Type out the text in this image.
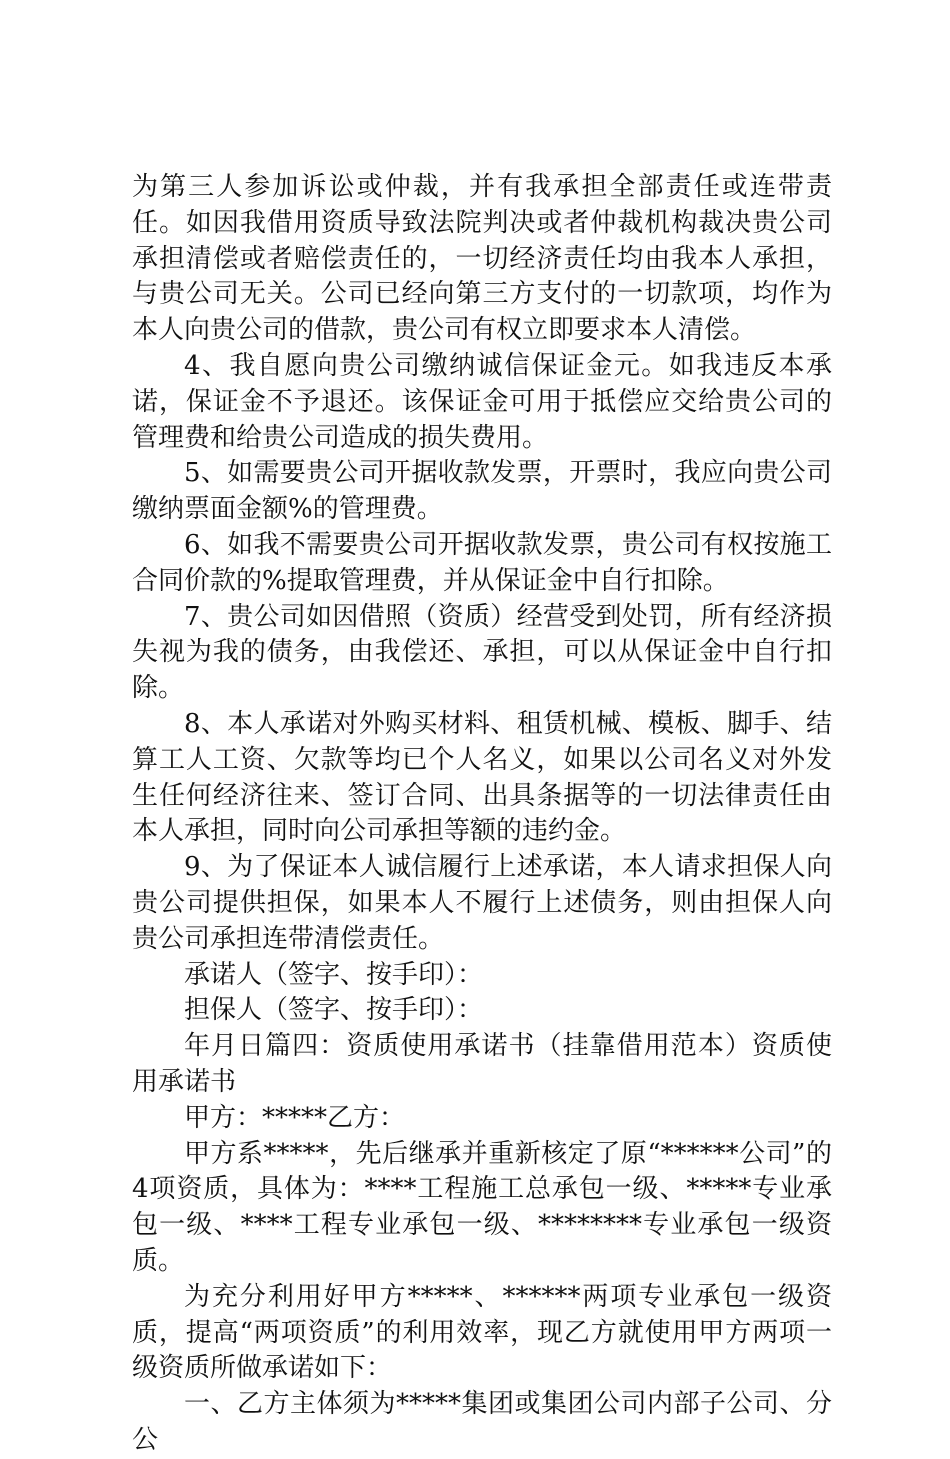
为第三人参加诉讼或仲裁，并有我承担全部责任或连带责任。如因我借用资质导致法院判决或者仲裁机构裁决贵公司承担清偿或者赔偿责任的，一切经济责任均由我本人承担，与贵公司无关。公司已经向第三方支付的一切款项，均作为本人向贵公司的借款，贵公司有权立即要求本人清偿。

4、我自愿向贵公司缴纳诚信保证金元。如我违反本承诺，保证金不予退还。该保证金可用于抵偿应交给贵公司的管理费和给贵公司造成的损失费用。

5、如需要贵公司开据收款发票，开票时，我应向贵公司缴纳票面金额%的管理费。

6、如我不需要贵公司开据收款发票，贵公司有权按施工合同价款的%提取管理费，并从保证金中自行扣除。

7、贵公司如因借照（资质）经营受到处罚，所有经济损失视为我的债务，由我偿还、承担，可以从保证金中自行扣除。

8、本人承诺对外购买材料、租赁机械、模板、脚手、结算工人工资、欠款等均已个人名义，如果以公司名义对外发生任何经济往来、签订合同、出具条据等的一切法律责任由本人承担，同时向公司承担等额的违约金。

9、为了保证本人诚信履行上述承诺，本人请求担保人向贵公司提供担保，如果本人不履行上述债务，则由担保人向贵公司承担连带清偿责任。

承诺人（签字、按手印）：

担保人（签字、按手印）：

年月日篇四：资质使用承诺书（挂靠借用范本）资质使用承诺书

甲方：*****乙方：

甲方系*****，先后继承并重新核定了原“******公司”的4项资质，具体为：****工程施工总承包一级、*****专业承包一级、****工程专业承包一级、********专业承包一级资质。

为充分利用好甲方*****、******两项专业承包一级资质，提高“两项资质”的利用效率，现乙方就使用甲方两项一级资质所做承诺如下：

一、乙方主体须为*****集团或集团公司内部子公司、分公
